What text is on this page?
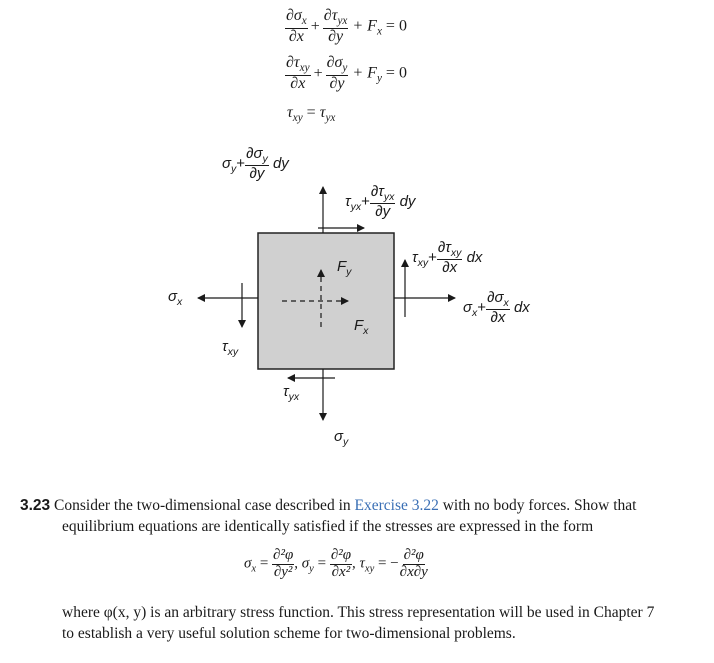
$\frac{\partial\sigma_x}{\partial x} + \frac{\partial\tau_{yx}}{\partial y} + F_x = 0$
$\frac{\partial\tau_{xy}}{\partial x} + \frac{\partial\sigma_y}{\partial y} + F_y = 0$
$\tau_{xy} = \tau_{yx}$
$\sigma_y+ \frac{\partial\sigma_y}{\partial y}$ dy
$\tau_{yx}+ \frac{\partial\tau_{yx}}{\partial y}$ dy
$\tau_{xy}+ \frac{\partial\tau_{xy}}{\partial x}$ dx
$\sigma_x+ \frac{\partial\sigma_x}{\partial x}$ dx
$\sigma_x$
$\tau_{xy}$
$\tau_{yx}$
$\sigma_y$
$F_y$
$F_x$
3.23 Consider the two-dimensional case described in Exercise 3.22 with no body forces. Show that
equilibrium equations are identically satisfied if the stresses are expressed in the form
$\sigma_x = \frac{\text{∂²φ}}{\text{∂y²}}$ , $\sigma_y = \frac{\text{∂²φ}}{\text{∂x²}}$ , $\tau_{xy}$ = − $\frac{\text{∂²φ}}{\partial x\partial y}$
where φ(x, y) is an arbitrary stress function. This stress representation will be used in Chapter 7
to establish a very useful solution scheme for two-dimensional problems.
